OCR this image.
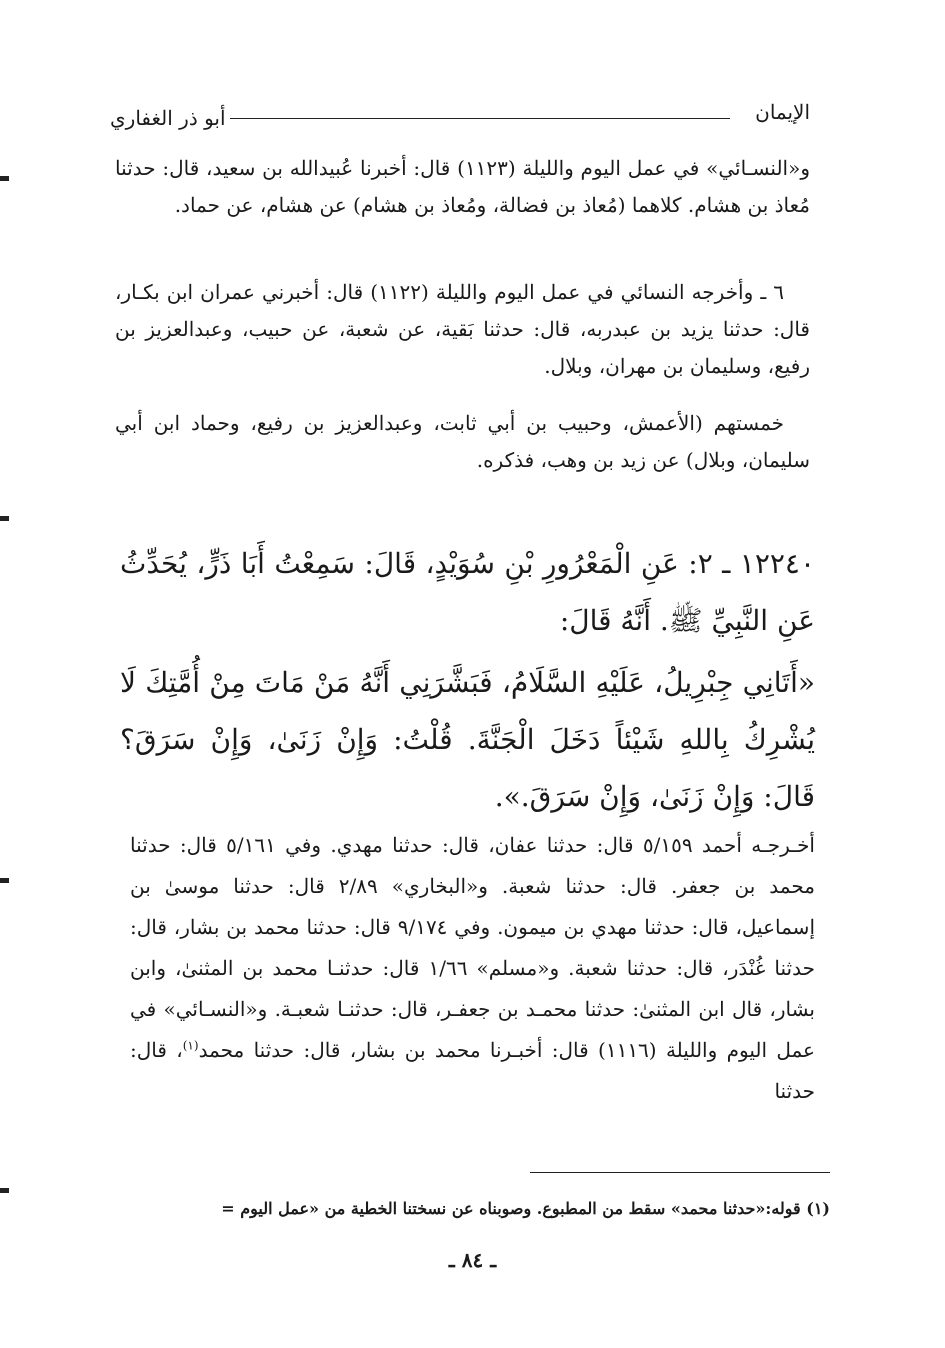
الإيمان
أبو ذر الغفاري

و«النسـائي» في عمل اليوم والليلة (١١٢٣) قال: أخبرنا عُبيدالله بن سعيد، قال: حدثنا مُعاذ بن هشام. كلاهما (مُعاذ بن فضالة، ومُعاذ بن هشام) عن هشام، عن حماد.

٦ ـ وأخرجه النسائي في عمل اليوم والليلة (١١٢٢) قال: أخبرني عمران ابن بكـار، قال: حدثنا يزيد بن عبدربه، قال: حدثنا بَقية، عن شعبة، عن حبيب، وعبدالعزيز بن رفيع، وسليمان بن مهران، وبلال.

خمستهم (الأعمش، وحبيب بن أبي ثابت، وعبدالعزيز بن رفيع، وحماد ابن أبي سليمان، وبلال) عن زيد بن وهب، فذكره.

١٢٢٤٠ ـ ٢: عَنِ الْمَعْرُورِ بْنِ سُوَيْدٍ، قَالَ: سَمِعْتُ أَبَا ذَرٍّ، يُحَدِّثُ عَنِ النَّبِيِّ ﷺ. أَنَّهُ قَالَ:
«أَتَانِي جِبْرِيلُ، عَلَيْهِ السَّلَامُ، فَبَشَّرَنِي أَنَّهُ مَنْ مَاتَ مِنْ أُمَّتِكَ لَا يُشْرِكُ بِاللهِ شَيْئاً دَخَلَ الْجَنَّةَ. قُلْتُ: وَإِنْ زَنَىٰ، وَإِنْ سَرَقَ؟ قَالَ: وَإِنْ زَنَىٰ، وَإِنْ سَرَقَ.».
أخـرجـه أحمد ٥/١٥٩ قال: حدثنا عفان، قال: حدثنا مهدي. وفي ٥/١٦١ قال: حدثنا محمد بن جعفر. قال: حدثنا شعبة. و«البخاري» ٢/٨٩ قال: حدثنا موسىٰ بن إسماعيل، قال: حدثنا مهدي بن ميمون. وفي ٩/١٧٤ قال: حدثنا محمد بن بشار، قال: حدثنا غُنْدَر، قال: حدثنا شعبة. و«مسلم» ١/٦٦ قال: حدثنـا محمد بن المثنىٰ، وابن بشار، قال ابن المثنىٰ: حدثنا محمـد بن جعفـر، قال: حدثنـا شعبـة. و«النسـائي» في عمل اليوم والليلة (١١١٦) قال: أخبـرنا محمد بن بشار، قال: حدثنا محمد$^{(١)}$، قال: حدثنا
(١) قوله:«حدثنا محمد» سقط من المطبوع. وصوبناه عن نسختنا الخطية من «عمل اليوم =
ـ ٨٤ ـ
